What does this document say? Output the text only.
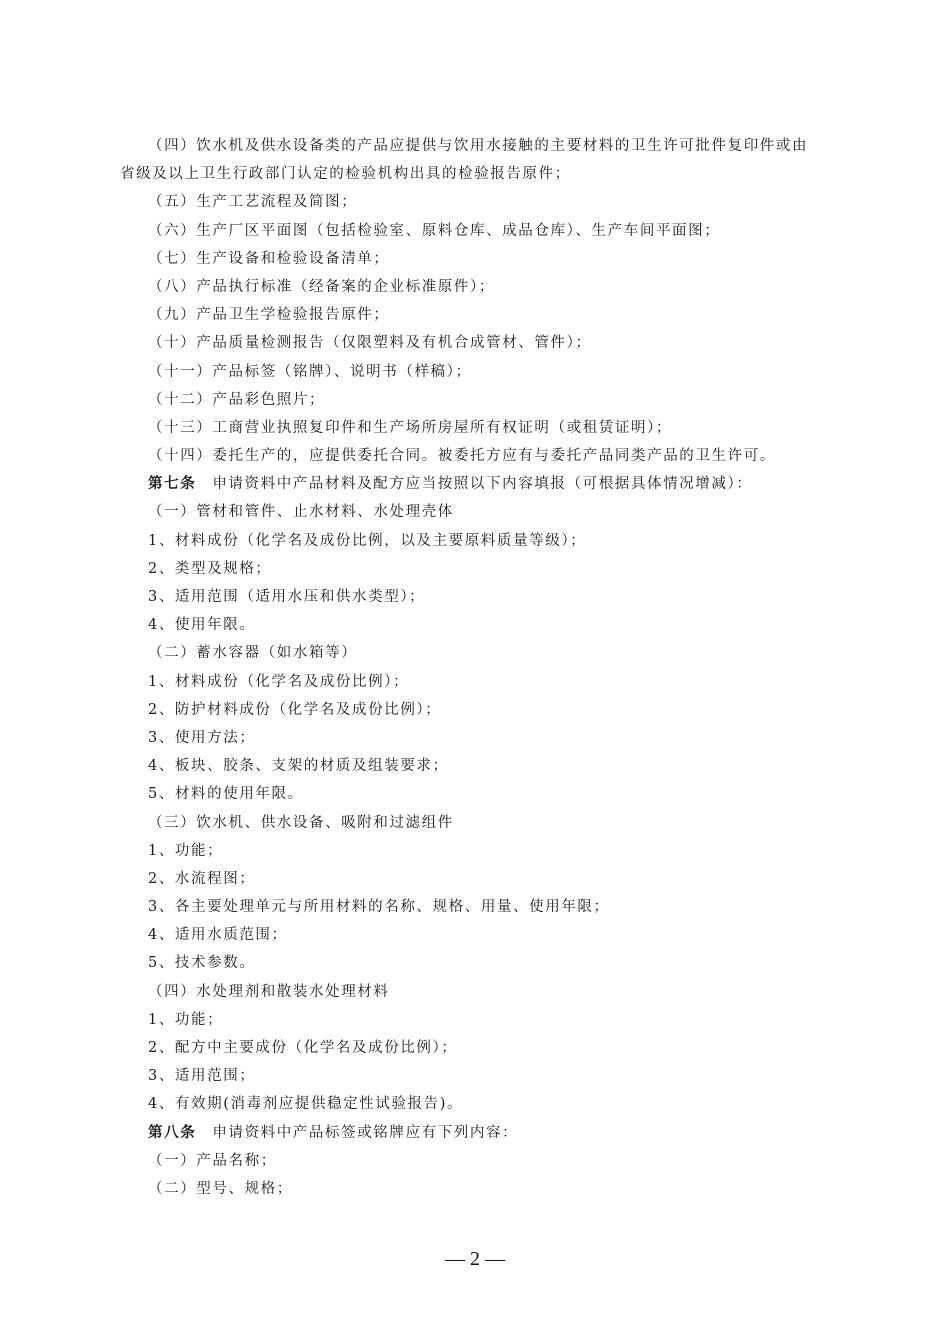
（四）饮水机及供水设备类的产品应提供与饮用水接触的主要材料的卫生许可批件复印件或由
省级及以上卫生行政部门认定的检验机构出具的检验报告原件；
（五）生产工艺流程及简图；
（六）生产厂区平面图（包括检验室、原料仓库、成品仓库）、生产车间平面图；
（七）生产设备和检验设备清单；
（八）产品执行标准（经备案的企业标准原件）；
（九）产品卫生学检验报告原件；
（十）产品质量检测报告（仅限塑料及有机合成管材、管件）；
（十一）产品标签（铭牌）、说明书（样稿）；
（十二）产品彩色照片；
（十三）工商营业执照复印件和生产场所房屋所有权证明（或租赁证明）；
（十四）委托生产的，应提供委托合同。被委托方应有与委托产品同类产品的卫生许可。
第七条 申请资料中产品材料及配方应当按照以下内容填报（可根据具体情况增减）：
（一）管材和管件、止水材料、水处理壳体
1、材料成份（化学名及成份比例，以及主要原料质量等级）；
2、类型及规格；
3、适用范围（适用水压和供水类型）；
4、使用年限。
（二）蓄水容器（如水箱等）
1、材料成份（化学名及成份比例）；
2、防护材料成份（化学名及成份比例）；
3、使用方法；
4、板块、胶条、支架的材质及组装要求；
5、材料的使用年限。
（三）饮水机、供水设备、吸附和过滤组件
1、功能；
2、水流程图；
3、各主要处理单元与所用材料的名称、规格、用量、使用年限；
4、适用水质范围；
5、技术参数。
（四）水处理剂和散装水处理材料
1、功能；
2、配方中主要成份（化学名及成份比例）；
3、适用范围；
4、有效期(消毒剂应提供稳定性试验报告)。
第八条 申请资料中产品标签或铭牌应有下列内容：
（一）产品名称；
（二）型号、规格；
— 2 —
